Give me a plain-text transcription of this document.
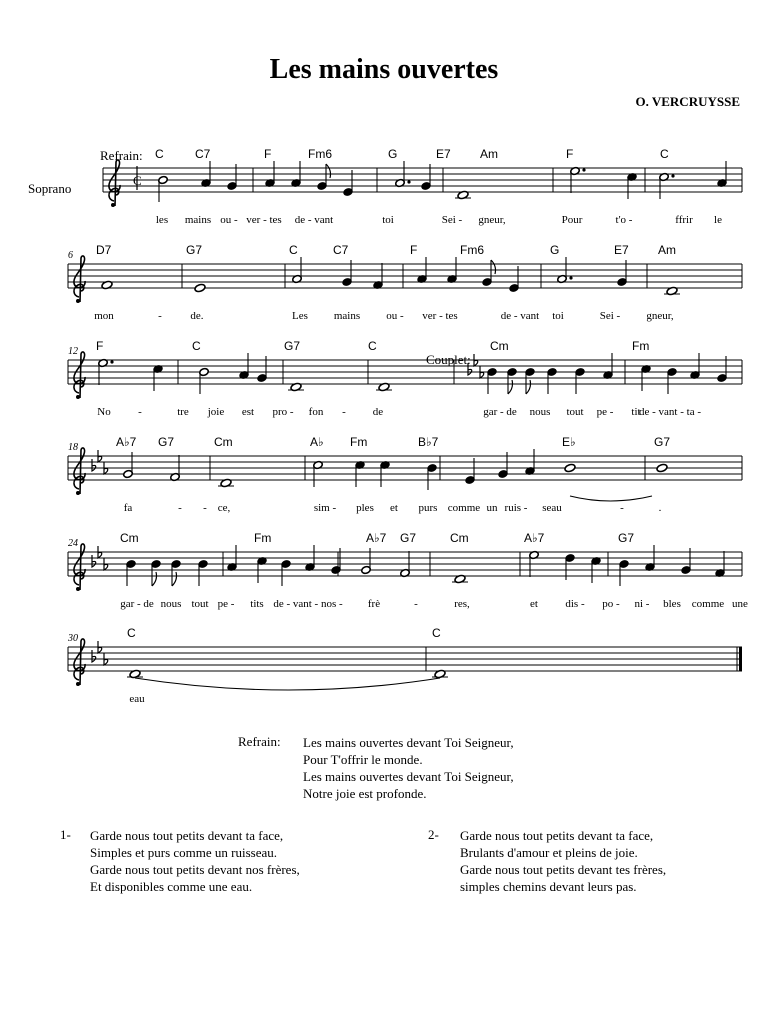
Les mains ouvertes
O. VERCRUYSSE
C
C	C7	F	Fm6	G	E7 Am	F	C
les mains ou - ver - tes de - vant	toi	Sei - gneur,	Pour	t'o -	ffrir le
6 D7	G7	C	C7	F	Fm6	G	E7 Am
mon	-	de.	Les mains ou - ver - tes	de - vant toi	Sei - gneur,
12 F	C	G7	C	Cm	Fm
No -	tre joie est pro - fon - de	gar - de nous tout pe - tit
de - vant - ta -
18	A♭7 G7	Cm	A♭ Fm	B♭7	E♭	G7
fa	- - ce,	sim - ples et purs comme un ruis - seau	-	.
24	Cm	Fm	A♭7 G7	Cm	A♭7	G7
gar - de nous tout pe - tits de - vant - nos - frè	-	res,	et dis - po - ni - bles comme une
30	C	C
eau
Soprano
Refrain:
Couplet:
Refrain: Les mains ouvertes devant Toi Seigneur,
Pour T'offrir le monde.
Les mains ouvertes devant Toi Seigneur,
Notre joie est profonde.
1- Garde nous tout petits devant ta face,
Simples et purs comme un ruisseau.
Garde nous tout petits devant nos frères,
Et disponibles comme une eau.
2- Garde nous tout petits devant ta face,
Brulants d'amour et pleins de joie.
Garde nous tout petits devant tes frères,
simples chemins devant leurs pas.
